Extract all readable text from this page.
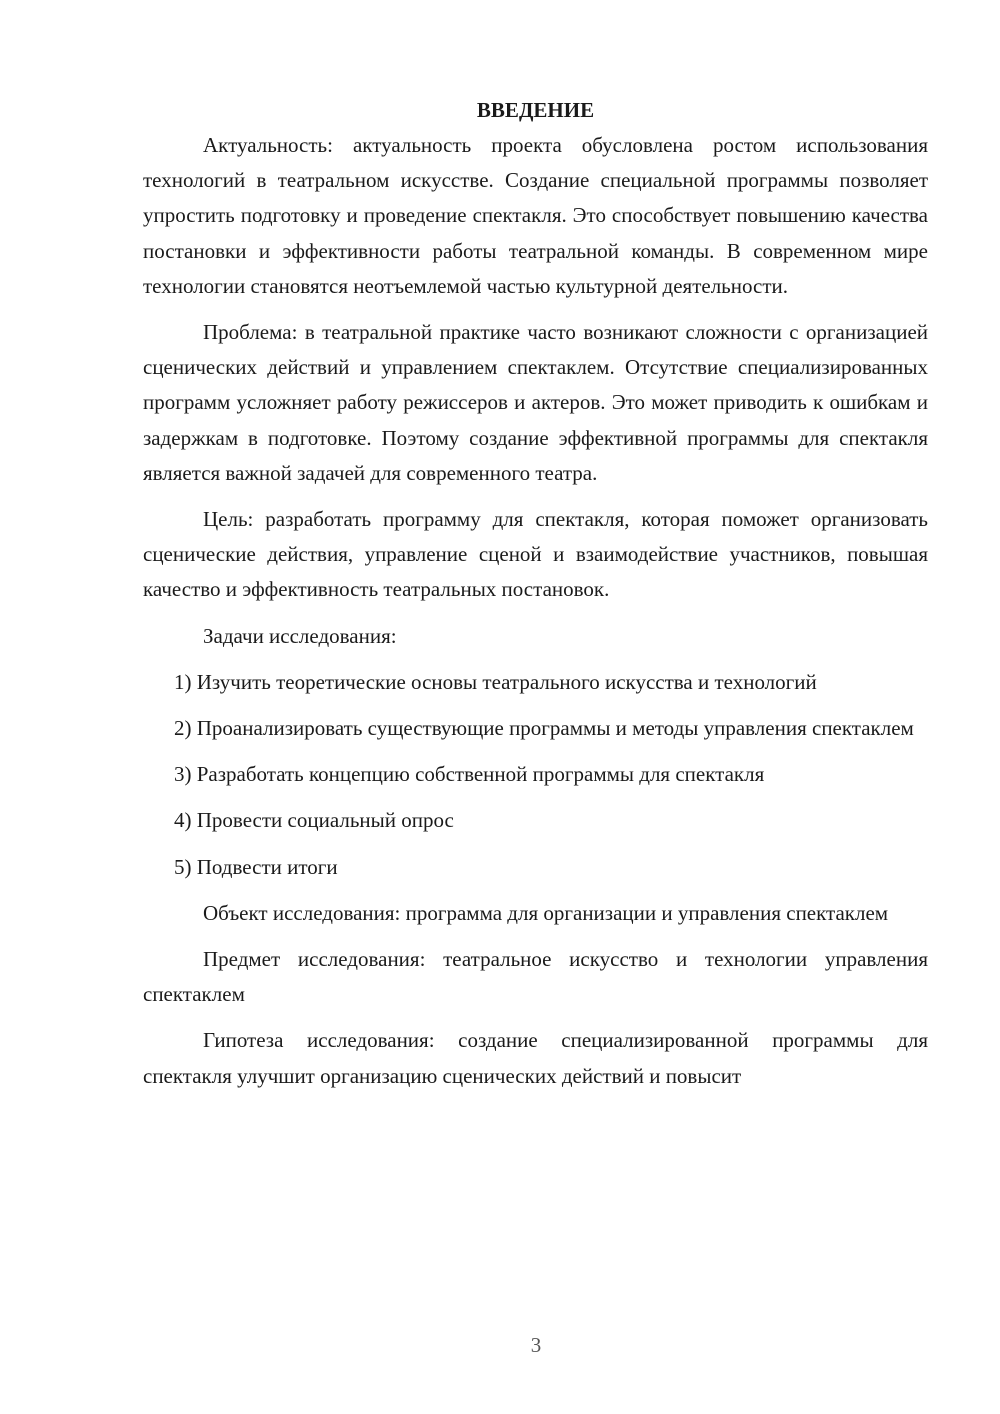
ВВЕДЕНИЕ

Актуальность: актуальность проекта обусловлена ростом использования технологий в театральном искусстве. Создание специальной программы позволяет упростить подготовку и проведение спектакля. Это способствует повышению качества постановки и эффективности работы театральной команды. В современном мире технологии становятся неотъемлемой частью культурной деятельности.

Проблема: в театральной практике часто возникают сложности с организацией сценических действий и управлением спектаклем. Отсутствие специализированных программ усложняет работу режиссеров и актеров. Это может приводить к ошибкам и задержкам в подготовке. Поэтому создание эффективной программы для спектакля является важной задачей для современного театра.

Цель: разработать программу для спектакля, которая поможет организовать сценические действия, управление сценой и взаимодействие участников, повышая качество и эффективность театральных постановок.

Задачи исследования:

1) Изучить теоретические основы театрального искусства и технологий

2) Проанализировать существующие программы и методы управления спектаклем

3) Разработать концепцию собственной программы для спектакля

4) Провести социальный опрос

5) Подвести итоги

Объект исследования: программа для организации и управления спектаклем

Предмет исследования: театральное искусство и технологии управления спектаклем

Гипотеза исследования: создание специализированной программы для спектакля улучшит организацию сценических действий и повысит

3
